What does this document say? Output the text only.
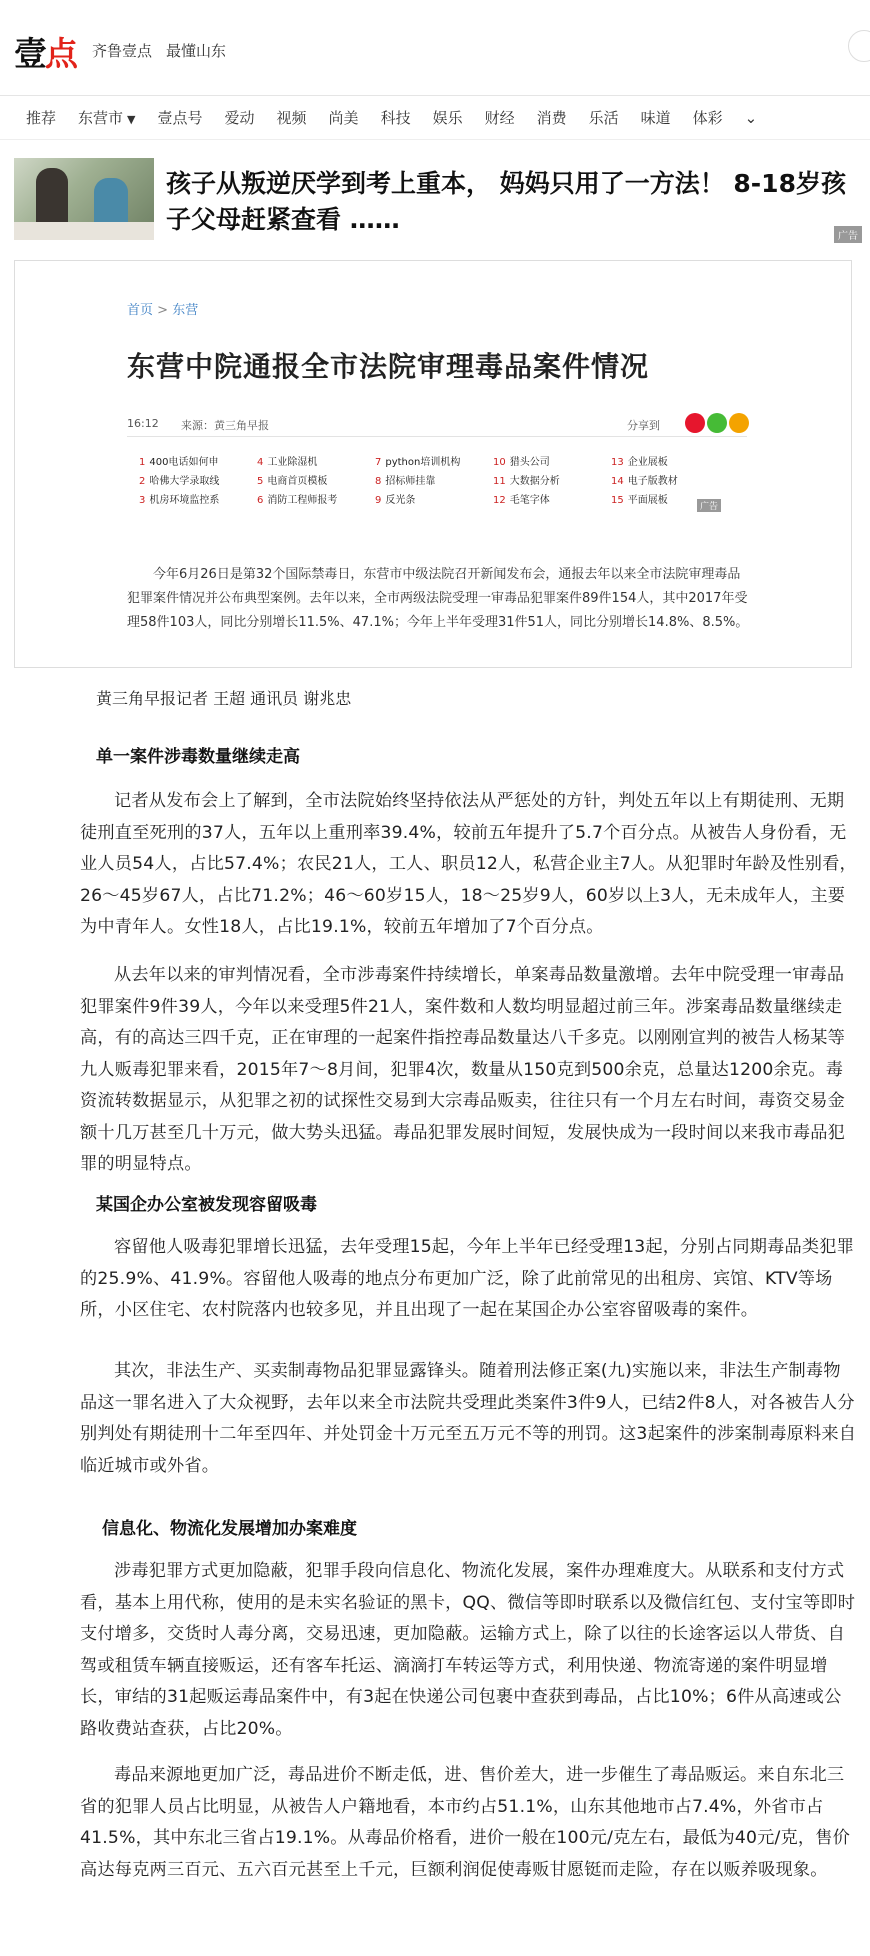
壹点 齐鲁壹点 最懂山东
推荐 东营市 ▼ 壹点号 爱动 视频 尚美 科技 娱乐 财经 消费 乐活 味道 体彩 ⌄
孩子从叛逆厌学到考上重本， 妈妈只用了一方法！ 8-18岁孩子父母赶紧查看 ……
广告
首页 > 东营
东营中院通报全市法院审理毒品案件情况
16:12 来源：黄三角早报	分享到
1 400电话如何申	4 工业除湿机	7 python培训机构	10 猎头公司	13 企业展板
2 哈佛大学录取线	5 电商首页模板	8 招标师挂靠	11 大数据分析	14 电子版教材
3 机房环境监控系	6 消防工程师报考	9 反光条	12 毛笔字体	15 平面展板
广告
今年6月26日是第32个国际禁毒日，东营市中级法院召开新闻发布会，通报去年以来全市法院审理毒品犯罪案件情况并公布典型案例。去年以来，全市两级法院受理一审毒品犯罪案件89件154人，其中2017年受理58件103人，同比分别增长11.5%、47.1%；今年上半年受理31件51人，同比分别增长14.8%、8.5%。
黄三角早报记者 王超 通讯员 谢兆忠
单一案件涉毒数量继续走高
记者从发布会上了解到，全市法院始终坚持依法从严惩处的方针，判处五年以上有期徒刑、无期徒刑直至死刑的37人，五年以上重刑率39.4%，较前五年提升了5.7个百分点。从被告人身份看，无业人员54人，占比57.4%；农民21人，工人、职员12人，私营企业主7人。从犯罪时年龄及性别看，26～45岁67人，占比71.2%；46～60岁15人，18～25岁9人，60岁以上3人，无未成年人，主要为中青年人。女性18人，占比19.1%，较前五年增加了7个百分点。
从去年以来的审判情况看，全市涉毒案件持续增长，单案毒品数量激增。去年中院受理一审毒品犯罪案件9件39人，今年以来受理5件21人，案件数和人数均明显超过前三年。涉案毒品数量继续走高，有的高达三四千克，正在审理的一起案件指控毒品数量达八千多克。以刚刚宣判的被告人杨某等九人贩毒犯罪来看，2015年7～8月间，犯罪4次，数量从150克到500余克，总量达1200余克。毒资流转数据显示，从犯罪之初的试探性交易到大宗毒品贩卖，往往只有一个月左右时间，毒资交易金额十几万甚至几十万元，做大势头迅猛。毒品犯罪发展时间短，发展快成为一段时间以来我市毒品犯罪的明显特点。
某国企办公室被发现容留吸毒
容留他人吸毒犯罪增长迅猛，去年受理15起，今年上半年已经受理13起，分别占同期毒品类犯罪的25.9%、41.9%。容留他人吸毒的地点分布更加广泛，除了此前常见的出租房、宾馆、KTV等场所，小区住宅、农村院落内也较多见，并且出现了一起在某国企办公室容留吸毒的案件。
其次，非法生产、买卖制毒物品犯罪显露锋头。随着刑法修正案(九)实施以来，非法生产制毒物品这一罪名进入了大众视野，去年以来全市法院共受理此类案件3件9人，已结2件8人，对各被告人分别判处有期徒刑十二年至四年、并处罚金十万元至五万元不等的刑罚。这3起案件的涉案制毒原料来自临近城市或外省。
信息化、物流化发展增加办案难度
涉毒犯罪方式更加隐蔽，犯罪手段向信息化、物流化发展，案件办理难度大。从联系和支付方式看，基本上用代称，使用的是未实名验证的黑卡，QQ、微信等即时联系以及微信红包、支付宝等即时支付增多，交货时人毒分离，交易迅速，更加隐蔽。运输方式上，除了以往的长途客运以人带货、自驾或租赁车辆直接贩运，还有客车托运、滴滴打车转运等方式，利用快递、物流寄递的案件明显增长，审结的31起贩运毒品案件中，有3起在快递公司包裹中查获到毒品，占比10%；6件从高速或公路收费站查获，占比20%。
毒品来源地更加广泛，毒品进价不断走低，进、售价差大，进一步催生了毒品贩运。来自东北三省的犯罪人员占比明显，从被告人户籍地看，本市约占51.1%，山东其他地市占7.4%，外省市占41.5%，其中东北三省占19.1%。从毒品价格看，进价一般在100元/克左右，最低为40元/克，售价高达每克两三百元、五六百元甚至上千元，巨额利润促使毒贩甘愿铤而走险，存在以贩养吸现象。
